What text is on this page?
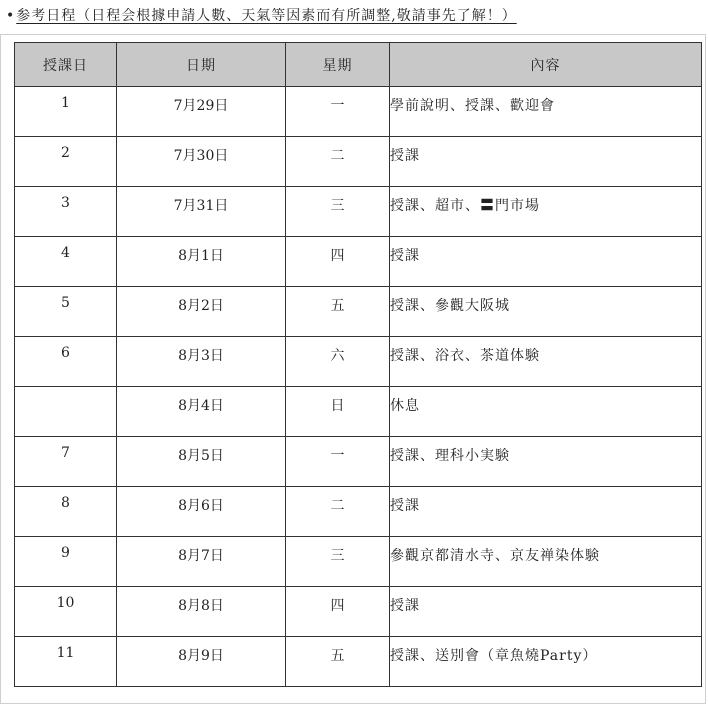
• 参考日程（日程会根據申請人數、天氣等因素而有所調整,敬請事先了解！）
授課日	日期	星期	內容
1	7月29日	一	學前說明、授課、歡迎會
2	7月30日	二	授課
3	7月31日	三	授課、超市、〓門市場
4	8月1日	四	授課
5	8月2日	五	授課、參觀大阪城
6	8月3日	六	授課、浴衣、茶道体験
	8月4日	日	休息
7	8月5日	一	授課、理科小実験
8	8月6日	二	授課
9	8月7日	三	參觀京都清水寺、京友禅染体験
10	8月8日	四	授課
11	8月9日	五	授課、送別會（章魚燒Party）
